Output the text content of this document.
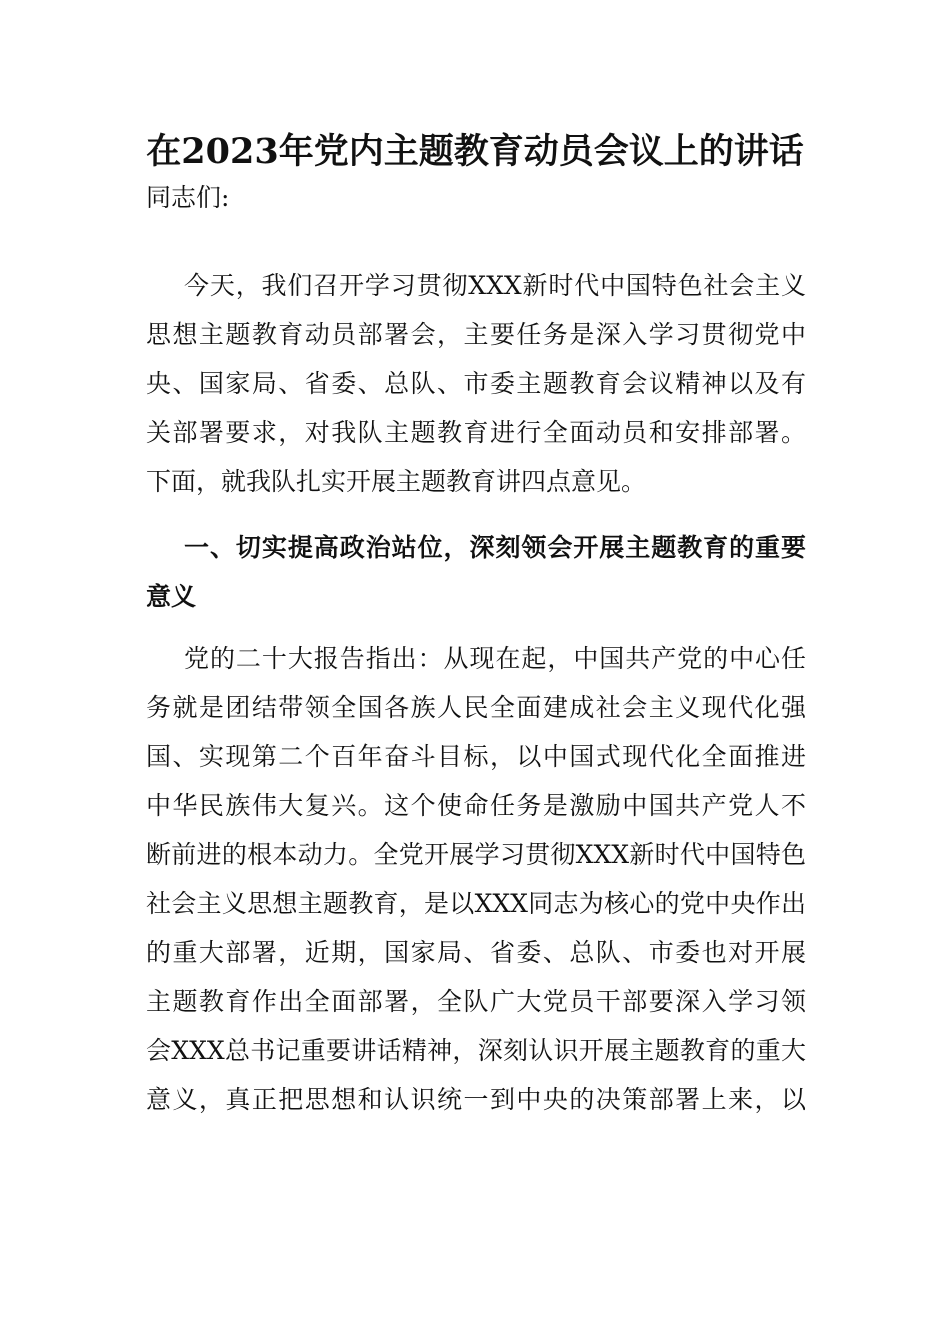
在2023年党内主题教育动员会议上的讲话
同志们:
今天，我们召开学习贯彻XXX新时代中国特色社会主义
思想主题教育动员部署会，主要任务是深入学习贯彻党中
央、国家局、省委、总队、市委主题教育会议精神以及有
关部署要求，对我队主题教育进行全面动员和安排部署。
下面，就我队扎实开展主题教育讲四点意见。
一、切实提高政治站位，深刻领会开展主题教育的重要
意义
党的二十大报告指出：从现在起，中国共产党的中心任
务就是团结带领全国各族人民全面建成社会主义现代化强
国、实现第二个百年奋斗目标，以中国式现代化全面推进
中华民族伟大复兴。这个使命任务是激励中国共产党人不
断前进的根本动力。全党开展学习贯彻XXX新时代中国特色
社会主义思想主题教育，是以XXX同志为核心的党中央作出
的重大部署，近期，国家局、省委、总队、市委也对开展
主题教育作出全面部署，全队广大党员干部要深入学习领
会XXX总书记重要讲话精神，深刻认识开展主题教育的重大
意义，真正把思想和认识统一到中央的决策部署上来，以
